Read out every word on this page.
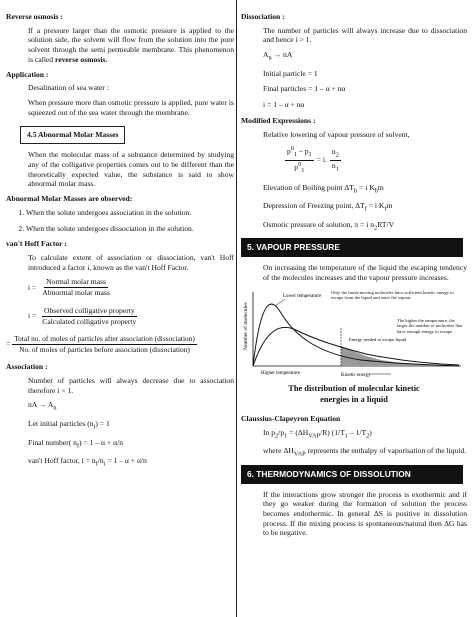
Reverse osmosis :

If a pressure larger than the osmotic pressure is applied to the solution side, the solvent will flow from the solution into the pure solvent through the semi permeable membrane. This phenomenon is called reverse osmosis.

Application :

Desalination of sea water :

When pressure more than osmotic pressure is applied, pure water is squeezed out of the sea water through the membrane.

4.5 Abnormal Molar Masses

When the molecular mass of a substance determined by studying any of the colligative properties comes out to be different than the theoretically expected value, the substance is said to show abnormal molar mass.

Abnormal Molar Masses are observed:

1. When the solute undergoes association in the solution.
2. When the solute undergoes dissociation in the solution.

van't Hoff Factor :

To calculate extent of association or dissociation, van't Hoff introduced a factor i, known as the van't Hoff Factor.

$i = \frac{\text{Normal molar mass}}{\text{Abnormal molar mass}}$
$i = \frac{\text{Observed colligative property}}{\text{Calculated colligative property}}$
=
Total no. of moles of particles after association (dissociation)
No. of moles of particles before association (dissociation)

Association :

Number of particles will always decrease due to association therefore i < 1.

nA → $A_n$

Let initial particles $(n_i) = 1$

Final number( $n_f) = 1 - \alpha + \alpha/n$

van't Hoff factor, $i = n_f/n_i = 1 - \alpha + \alpha/n$

Dissociation :

The number of particles will always increase due to dissociation and hence i > 1.

$A_n$ → nA

Initial particle = 1

Final particles = 1 – α + nα

i = 1 – α + nα

Modified Expressions :

Relative lowering of vapour pressure of solvent,

$\frac{p^0_1 - p_1}{p^0_1} = i$. $\frac{n_2}{n_1}$

Elevation of Boiling point $\Delta T_b = i$ $K_bm$

Depression of Freezing point, $\Delta T_f = i$ $K_fm$

Osmotic pressure of solution, π = i $n_2RT/V$

5. VAPOUR PRESSURE

On increasing the temperature of the liquid the escaping tendency of the molecules increases and the vapour pressure increases.

Number of molecules
Lower temperature
Higher temperature
Energy needed to escape liquid
Only the faster-moving molecules have sufficient kinetic energy to escape from the liquid and enter the vapour.
The higher the temperature, the larger the number of molecules that have enough energy to escape.
Kinetic energy
The distribution of molecular kinetic
energies in a liquid

Claussius-Clapeyron Equation

In $p_2/p_1 = (\Delta H_{VAP}/R)$ $(1/T_1 - 1/T_2)$

where $\Delta H_{VAP}$ represents the enthalpy of vaporisation of the liquid.

6. THERMODYNAMICS OF DISSOLUTION

If the interactions grow stronger the process is exothermic and if they go weaker during the formation of solution the process becomes endothermic. In general ΔS is positive in dissolution process. If the mixing process is spontaneous/natural then ΔG has to be negative.
